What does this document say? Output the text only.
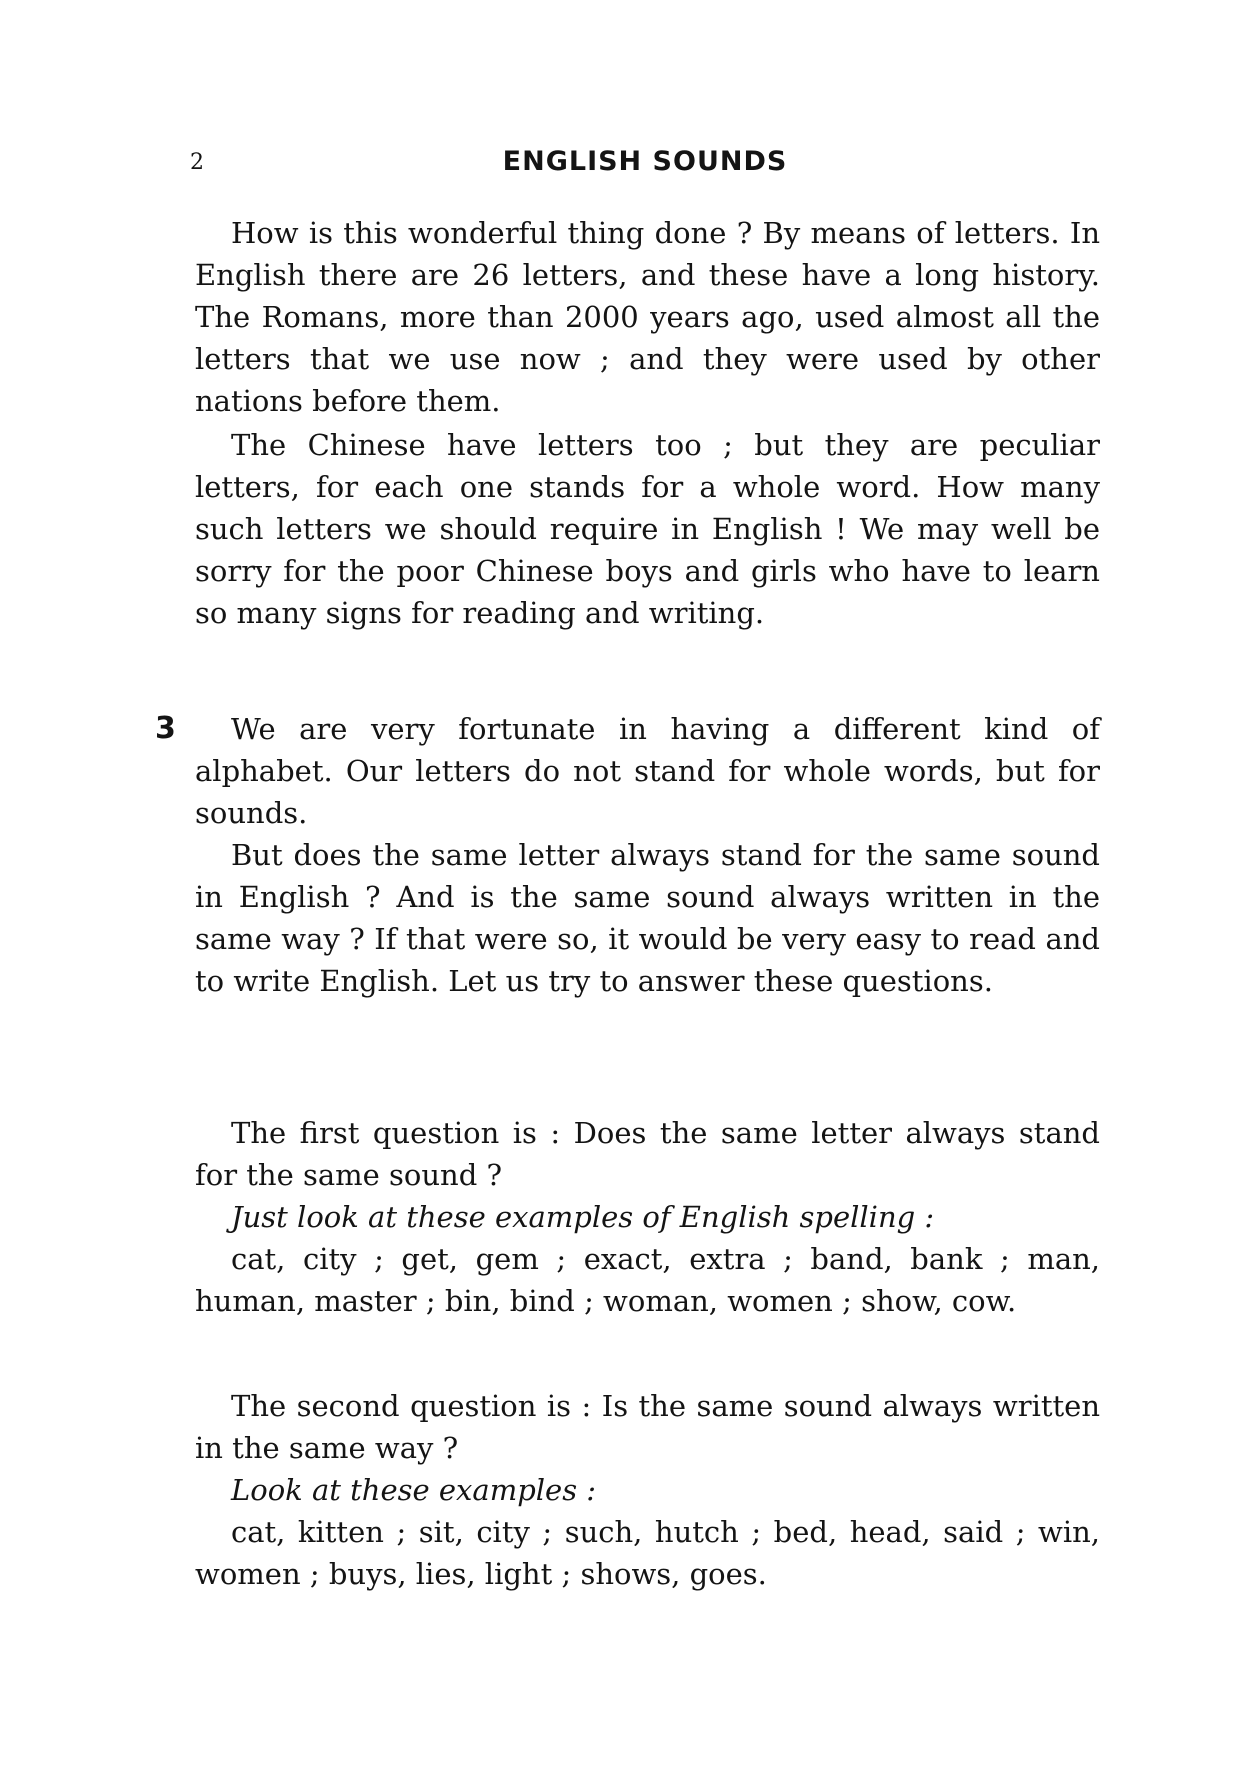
2	ENGLISH SOUNDS

How is this wonderful thing done ? By means of letters. In English there are 26 letters, and these have a long history. The Romans, more than 2000 years ago, used almost all the letters that we use now ; and they were used by other nations before them.

The Chinese have letters too ; but they are peculiar letters, for each one stands for a whole word. How many such letters we should require in English ! We may well be sorry for the poor Chinese boys and girls who have to learn so many signs for reading and writing.

3	We are very fortunate in having a different kind of alphabet. Our letters do not stand for whole words, but for sounds.

But does the same letter always stand for the same sound in English ? And is the same sound always written in the same way ? If that were so, it would be very easy to read and to write English. Let us try to answer these questions.

The first question is : Does the same letter always stand for the same sound ?

Just look at these examples of English spelling :

cat, city ; get, gem ; exact, extra ; band, bank ; man, human, master ; bin, bind ; woman, women ; show, cow.

The second question is : Is the same sound always written in the same way ?

Look at these examples :

cat, kitten ; sit, city ; such, hutch ; bed, head, said ; win, women ; buys, lies, light ; shows, goes.
